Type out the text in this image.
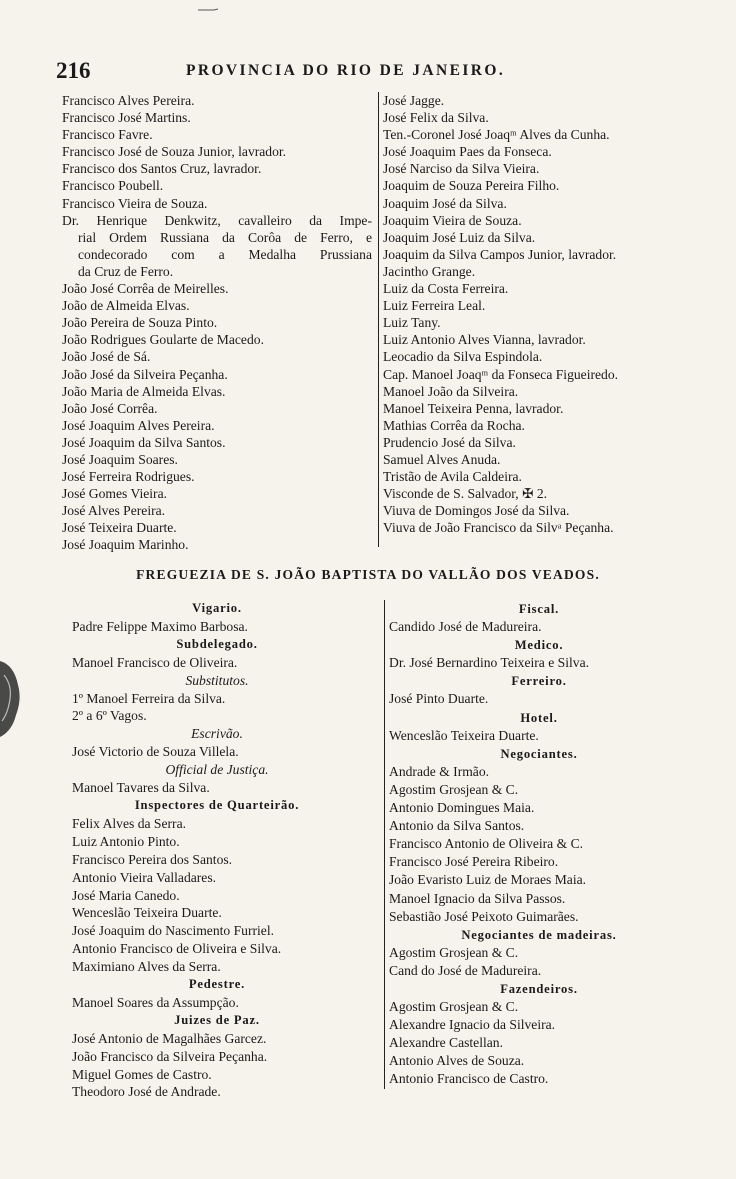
216	PROVINCIA DO RIO DE JANEIRO.
Francisco Alves Pereira.
Francisco José Martins.
Francisco Favre.
Francisco José de Souza Junior, lavrador.
Francisco dos Santos Cruz, lavrador.
Francisco Poubell.
Francisco Vieira de Souza.
Dr. Henrique Denkwitz, cavalleiro da Impe-
rial Ordem Russiana da Corôa de Ferro, e
condecorado com a Medalha Prussiana
da Cruz de Ferro.
João José Corrêa de Meirelles.
João de Almeida Elvas.
João Pereira de Souza Pinto.
João Rodrigues Goularte de Macedo.
João José de Sá.
João José da Silveira Peçanha.
João Maria de Almeida Elvas.
João José Corrêa.
José Joaquim Alves Pereira.
José Joaquim da Silva Santos.
José Joaquim Soares.
José Ferreira Rodrigues.
José Gomes Vieira.
José Alves Pereira.
José Teixeira Duarte.
José Joaquim Marinho.
José Jagge.
José Felix da Silva.
Ten.-Coronel José Joaqᵐ Alves da Cunha.
José Joaquim Paes da Fonseca.
José Narciso da Silva Vieira.
Joaquim de Souza Pereira Filho.
Joaquim José da Silva.
Joaquim Vieira de Souza.
Joaquim José Luiz da Silva.
Joaquim da Silva Campos Junior, lavrador.
Jacintho Grange.
Luiz da Costa Ferreira.
Luiz Ferreira Leal.
Luiz Tany.
Luiz Antonio Alves Vianna, lavrador.
Leocadio da Silva Espindola.
Cap. Manoel Joaqᵐ da Fonseca Figueiredo.
Manoel João da Silveira.
Manoel Teixeira Penna, lavrador.
Mathias Corrêa da Rocha.
Prudencio José da Silva.
Samuel Alves Anuda.
Tristão de Avila Caldeira.
Visconde de S. Salvador, ✠ 2.
Viuva de Domingos José da Silva.
Viuva de João Francisco da Silvᵃ Peçanha.
FREGUEZIA DE S. JOÃO BAPTISTA DO VALLÃO DOS VEADOS.
Vigario.
Padre Felippe Maximo Barbosa.
Subdelegado.
Manoel Francisco de Oliveira.
Substitutos.
1º Manoel Ferreira da Silva.
2º a 6º Vagos.
Escrivão.
José Victorio de Souza Villela.
Official de Justiça.
Manoel Tavares da Silva.
Inspectores de Quarteirão.
Felix Alves da Serra.
Luiz Antonio Pinto.
Francisco Pereira dos Santos.
Antonio Vieira Valladares.
José Maria Canedo.
Wenceslão Teixeira Duarte.
José Joaquim do Nascimento Furriel.
Antonio Francisco de Oliveira e Silva.
Maximiano Alves da Serra.
Pedestre.
Manoel Soares da Assumpção.
Juizes de Paz.
José Antonio de Magalhães Garcez.
João Francisco da Silveira Peçanha.
Miguel Gomes de Castro.
Theodoro José de Andrade.
Fiscal.
Candido José de Madureira.
Medico.
Dr. José Bernardino Teixeira e Silva.
Ferreiro.
José Pinto Duarte.
Hotel.
Wenceslão Teixeira Duarte.
Negociantes.
Andrade & Irmão.
Agostim Grosjean & C.
Antonio Domingues Maia.
Antonio da Silva Santos.
Francisco Antonio de Oliveira & C.
Francisco José Pereira Ribeiro.
João Evaristo Luiz de Moraes Maia.
Manoel Ignacio da Silva Passos.
Sebastião José Peixoto Guimarães.
Negociantes de madeiras.
Agostim Grosjean & C.
Cand do José de Madureira.
Fazendeiros.
Agostim Grosjean & C.
Alexandre Ignacio da Silveira.
Alexandre Castellan.
Antonio Alves de Souza.
Antonio Francisco de Castro.
